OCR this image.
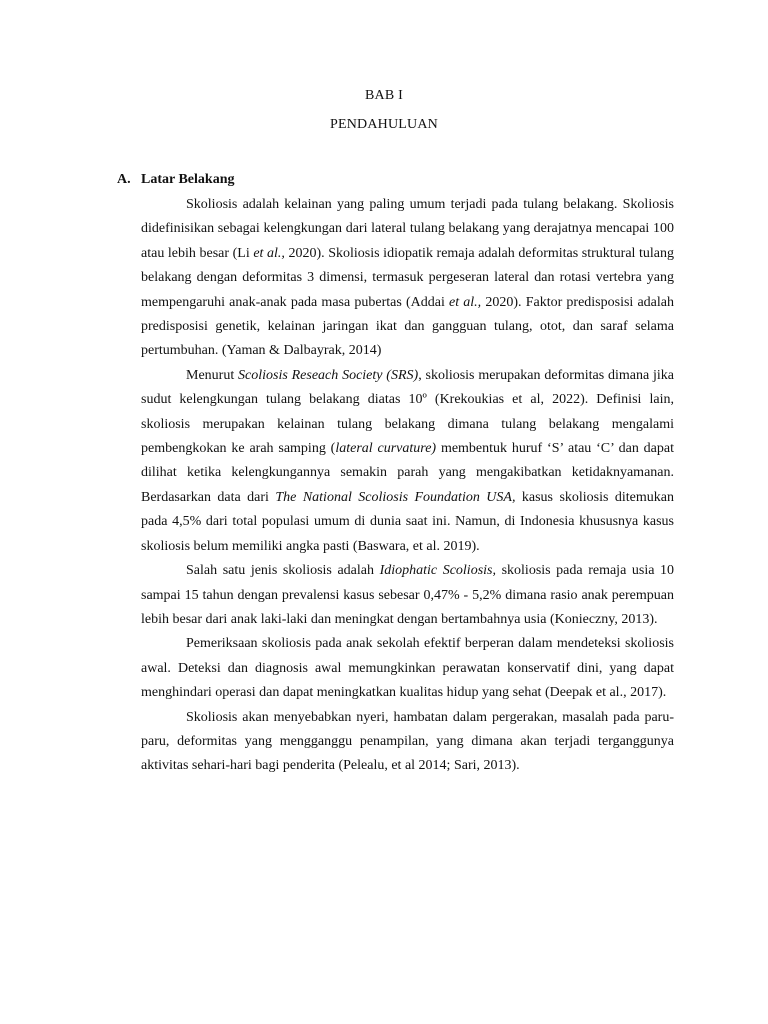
BAB I
PENDAHULUAN
A. Latar Belakang

Skoliosis adalah kelainan yang paling umum terjadi pada tulang belakang. Skoliosis didefinisikan sebagai kelengkungan dari lateral tulang belakang yang derajatnya mencapai 100 atau lebih besar (Li et al., 2020). Skoliosis idiopatik remaja adalah deformitas struktural tulang belakang dengan deformitas 3 dimensi, termasuk pergeseran lateral dan rotasi vertebra yang mempengaruhi anak-anak pada masa pubertas (Addai et al., 2020). Faktor predisposisi adalah predisposisi genetik, kelainan jaringan ikat dan gangguan tulang, otot, dan saraf selama pertumbuhan. (Yaman & Dalbayrak, 2014)

Menurut Scoliosis Reseach Society (SRS), skoliosis merupakan deformitas dimana jika sudut kelengkungan tulang belakang diatas 10º (Krekoukias et al, 2022). Definisi lain, skoliosis merupakan kelainan tulang belakang dimana tulang belakang mengalami pembengkokan ke arah samping (lateral curvature) membentuk huruf ‘S’ atau ‘C’ dan dapat dilihat ketika kelengkungannya semakin parah yang mengakibatkan ketidaknyamanan. Berdasarkan data dari The National Scoliosis Foundation USA, kasus skoliosis ditemukan pada 4,5% dari total populasi umum di dunia saat ini. Namun, di Indonesia khususnya kasus skoliosis belum memiliki angka pasti (Baswara, et al. 2019).

Salah satu jenis skoliosis adalah Idiophatic Scoliosis, skoliosis pada remaja usia 10 sampai 15 tahun dengan prevalensi kasus sebesar 0,47% - 5,2% dimana rasio anak perempuan lebih besar dari anak laki-laki dan meningkat dengan bertambahnya usia (Konieczny, 2013).

Pemeriksaan skoliosis pada anak sekolah efektif berperan dalam mendeteksi skoliosis awal. Deteksi dan diagnosis awal memungkinkan perawatan konservatif dini, yang dapat menghindari operasi dan dapat meningkatkan kualitas hidup yang sehat (Deepak et al., 2017).

Skoliosis akan menyebabkan nyeri, hambatan dalam pergerakan, masalah pada paru-paru, deformitas yang mengganggu penampilan, yang dimana akan terjadi terganggunya aktivitas sehari-hari bagi penderita (Pelealu, et al 2014; Sari, 2013).
